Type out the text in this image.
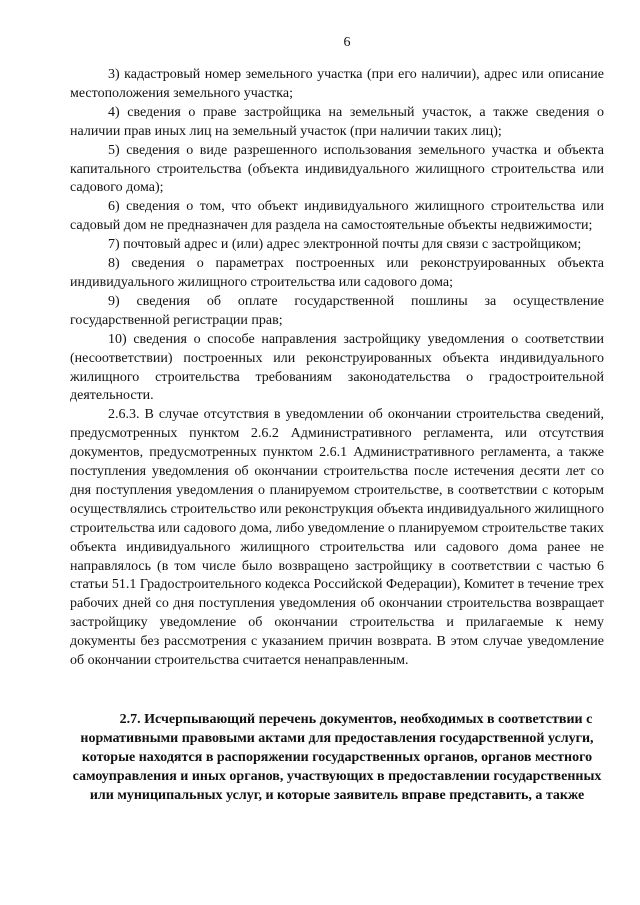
6

3) кадастровый номер земельного участка (при его наличии), адрес или описание местоположения земельного участка;

4) сведения о праве застройщика на земельный участок, а также сведения о наличии прав иных лиц на земельный участок (при наличии таких лиц);

5) сведения о виде разрешенного использования земельного участка и объекта капитального строительства (объекта индивидуального жилищного строительства или садового дома);

6) сведения о том, что объект индивидуального жилищного строительства или садовый дом не предназначен для раздела на самостоятельные объекты недвижимости;

7) почтовый адрес и (или) адрес электронной почты для связи с застройщиком;

8) сведения о параметрах построенных или реконструированных объекта индивидуального жилищного строительства или садового дома;

9) сведения об оплате государственной пошлины за осуществление государственной регистрации прав;

10) сведения о способе направления застройщику уведомления о соответствии (несоответствии) построенных или реконструированных объекта индивидуального жилищного строительства требованиям законодательства о градостроительной деятельности.

2.6.3. В случае отсутствия в уведомлении об окончании строительства сведений, предусмотренных пунктом 2.6.2 Административного регламента, или отсутствия документов, предусмотренных пунктом 2.6.1 Административного регламента, а также поступления уведомления об окончании строительства после истечения десяти лет со дня поступления уведомления о планируемом строительстве, в соответствии с которым осуществлялись строительство или реконструкция объекта индивидуального жилищного строительства или садового дома, либо уведомление о планируемом строительстве таких объекта индивидуального жилищного строительства или садового дома ранее не направлялось (в том числе было возвращено застройщику в соответствии с частью 6 статьи 51.1 Градостроительного кодекса Российской Федерации), Комитет в течение трех рабочих дней со дня поступления уведомления об окончании строительства возвращает застройщику уведомление об окончании строительства и прилагаемые к нему документы без рассмотрения с указанием причин возврата. В этом случае уведомление об окончании строительства считается ненаправленным.

2.7. Исчерпывающий перечень документов, необходимых в соответствии с нормативными правовыми актами для предоставления государственной услуги, которые находятся в распоряжении государственных органов, органов местного самоуправления и иных органов, участвующих в предоставлении государственных или муниципальных услуг, и которые заявитель вправе представить, а также
